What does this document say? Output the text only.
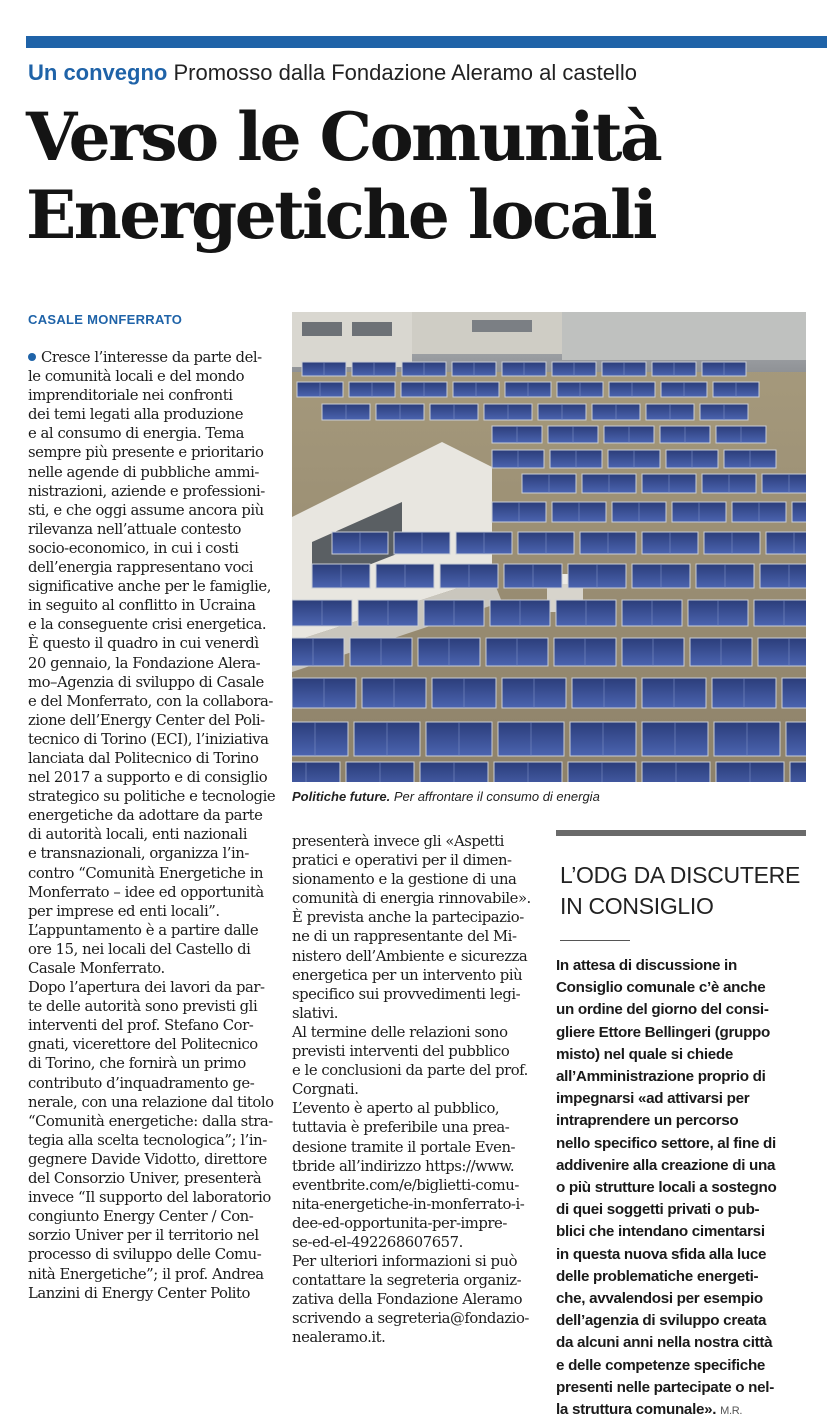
Un convegno Promosso dalla Fondazione Aleramo al castello
Verso le Comunità
Energetiche locali
CASALE MONFERRATO
Cresce l’interesse da parte del-
le comunità locali e del mondo
imprenditoriale nei confronti
dei temi legati alla produzione
e al consumo di energia. Tema
sempre più presente e prioritario
nelle agende di pubbliche ammi-
nistrazioni, aziende e professioni-
sti, e che oggi assume ancora più
rilevanza nell’attuale contesto
socio-economico, in cui i costi
dell’energia rappresentano voci
significative anche per le famiglie,
in seguito al conflitto in Ucraina
e la conseguente crisi energetica.
È questo il quadro in cui venerdì
20 gennaio, la Fondazione Alera-
mo–Agenzia di sviluppo di Casale
e del Monferrato, con la collabora-
zione dell’Energy Center del Poli-
tecnico di Torino (ECI), l’iniziativa
lanciata dal Politecnico di Torino
nel 2017 a supporto e di consiglio
strategico su politiche e tecnologie
energetiche da adottare da parte
di autorità locali, enti nazionali
e transnazionali, organizza l’in-
contro “Comunità Energetiche in
Monferrato – idee ed opportunità
per imprese ed enti locali”.
L’appuntamento è a partire dalle
ore 15, nei locali del Castello di
Casale Monferrato.
Dopo l’apertura dei lavori da par-
te delle autorità sono previsti gli
interventi del prof. Stefano Cor-
gnati, vicerettore del Politecnico
di Torino, che fornirà un primo
contributo d’inquadramento ge-
nerale, con una relazione dal titolo
“Comunità energetiche: dalla stra-
tegia alla scelta tecnologica”; l’in-
gegnere Davide Vidotto, direttore
del Consorzio Univer, presenterà
invece “Il supporto del laboratorio
congiunto Energy Center / Con-
sorzio Univer per il territorio nel
processo di sviluppo delle Comu-
nità Energetiche”; il prof. Andrea
Lanzini di Energy Center Polito
Politiche future. Per affrontare il consumo di energia
presenterà invece gli «Aspetti
pratici e operativi per il dimen-
sionamento e la gestione di una
comunità di energia rinnovabile».
È prevista anche la partecipazio-
ne di un rappresentante del Mi-
nistero dell’Ambiente e sicurezza
energetica per un intervento più
specifico sui provvedimenti legi-
slativi.
Al termine delle relazioni sono
previsti interventi del pubblico
e le conclusioni da parte del prof.
Corgnati.
L’evento è aperto al pubblico,
tuttavia è preferibile una prea-
desione tramite il portale Even-
tbride all’indirizzo https://www.
eventbrite.com/e/biglietti-comu-
nita-energetiche-in-monferrato-i-
dee-ed-opportunita-per-impre-
se-ed-el-492268607657.
Per ulteriori informazioni si può
contattare la segreteria organiz-
zativa della Fondazione Aleramo
scrivendo a segreteria@fondazio-
nealeramo.it.
L’ODG DA DISCUTERE
IN CONSIGLIO
In attesa di discussione in
Consiglio comunale c’è anche
un ordine del giorno del consi-
gliere Ettore Bellingeri (gruppo
misto) nel quale si chiede
all’Amministrazione proprio di
impegnarsi «ad attivarsi per
intraprendere un percorso
nello specifico settore, al fine di
addivenire alla creazione di una
o più strutture locali a sostegno
di quei soggetti privati o pub-
blici che intendano cimentarsi
in questa nuova sfida alla luce
delle problematiche energeti-
che, avvalendosi per esempio
dell’agenzia di sviluppo creata
da alcuni anni nella nostra città
e delle competenze specifiche
presenti nelle partecipate o nel-
la struttura comunale». M.R.
